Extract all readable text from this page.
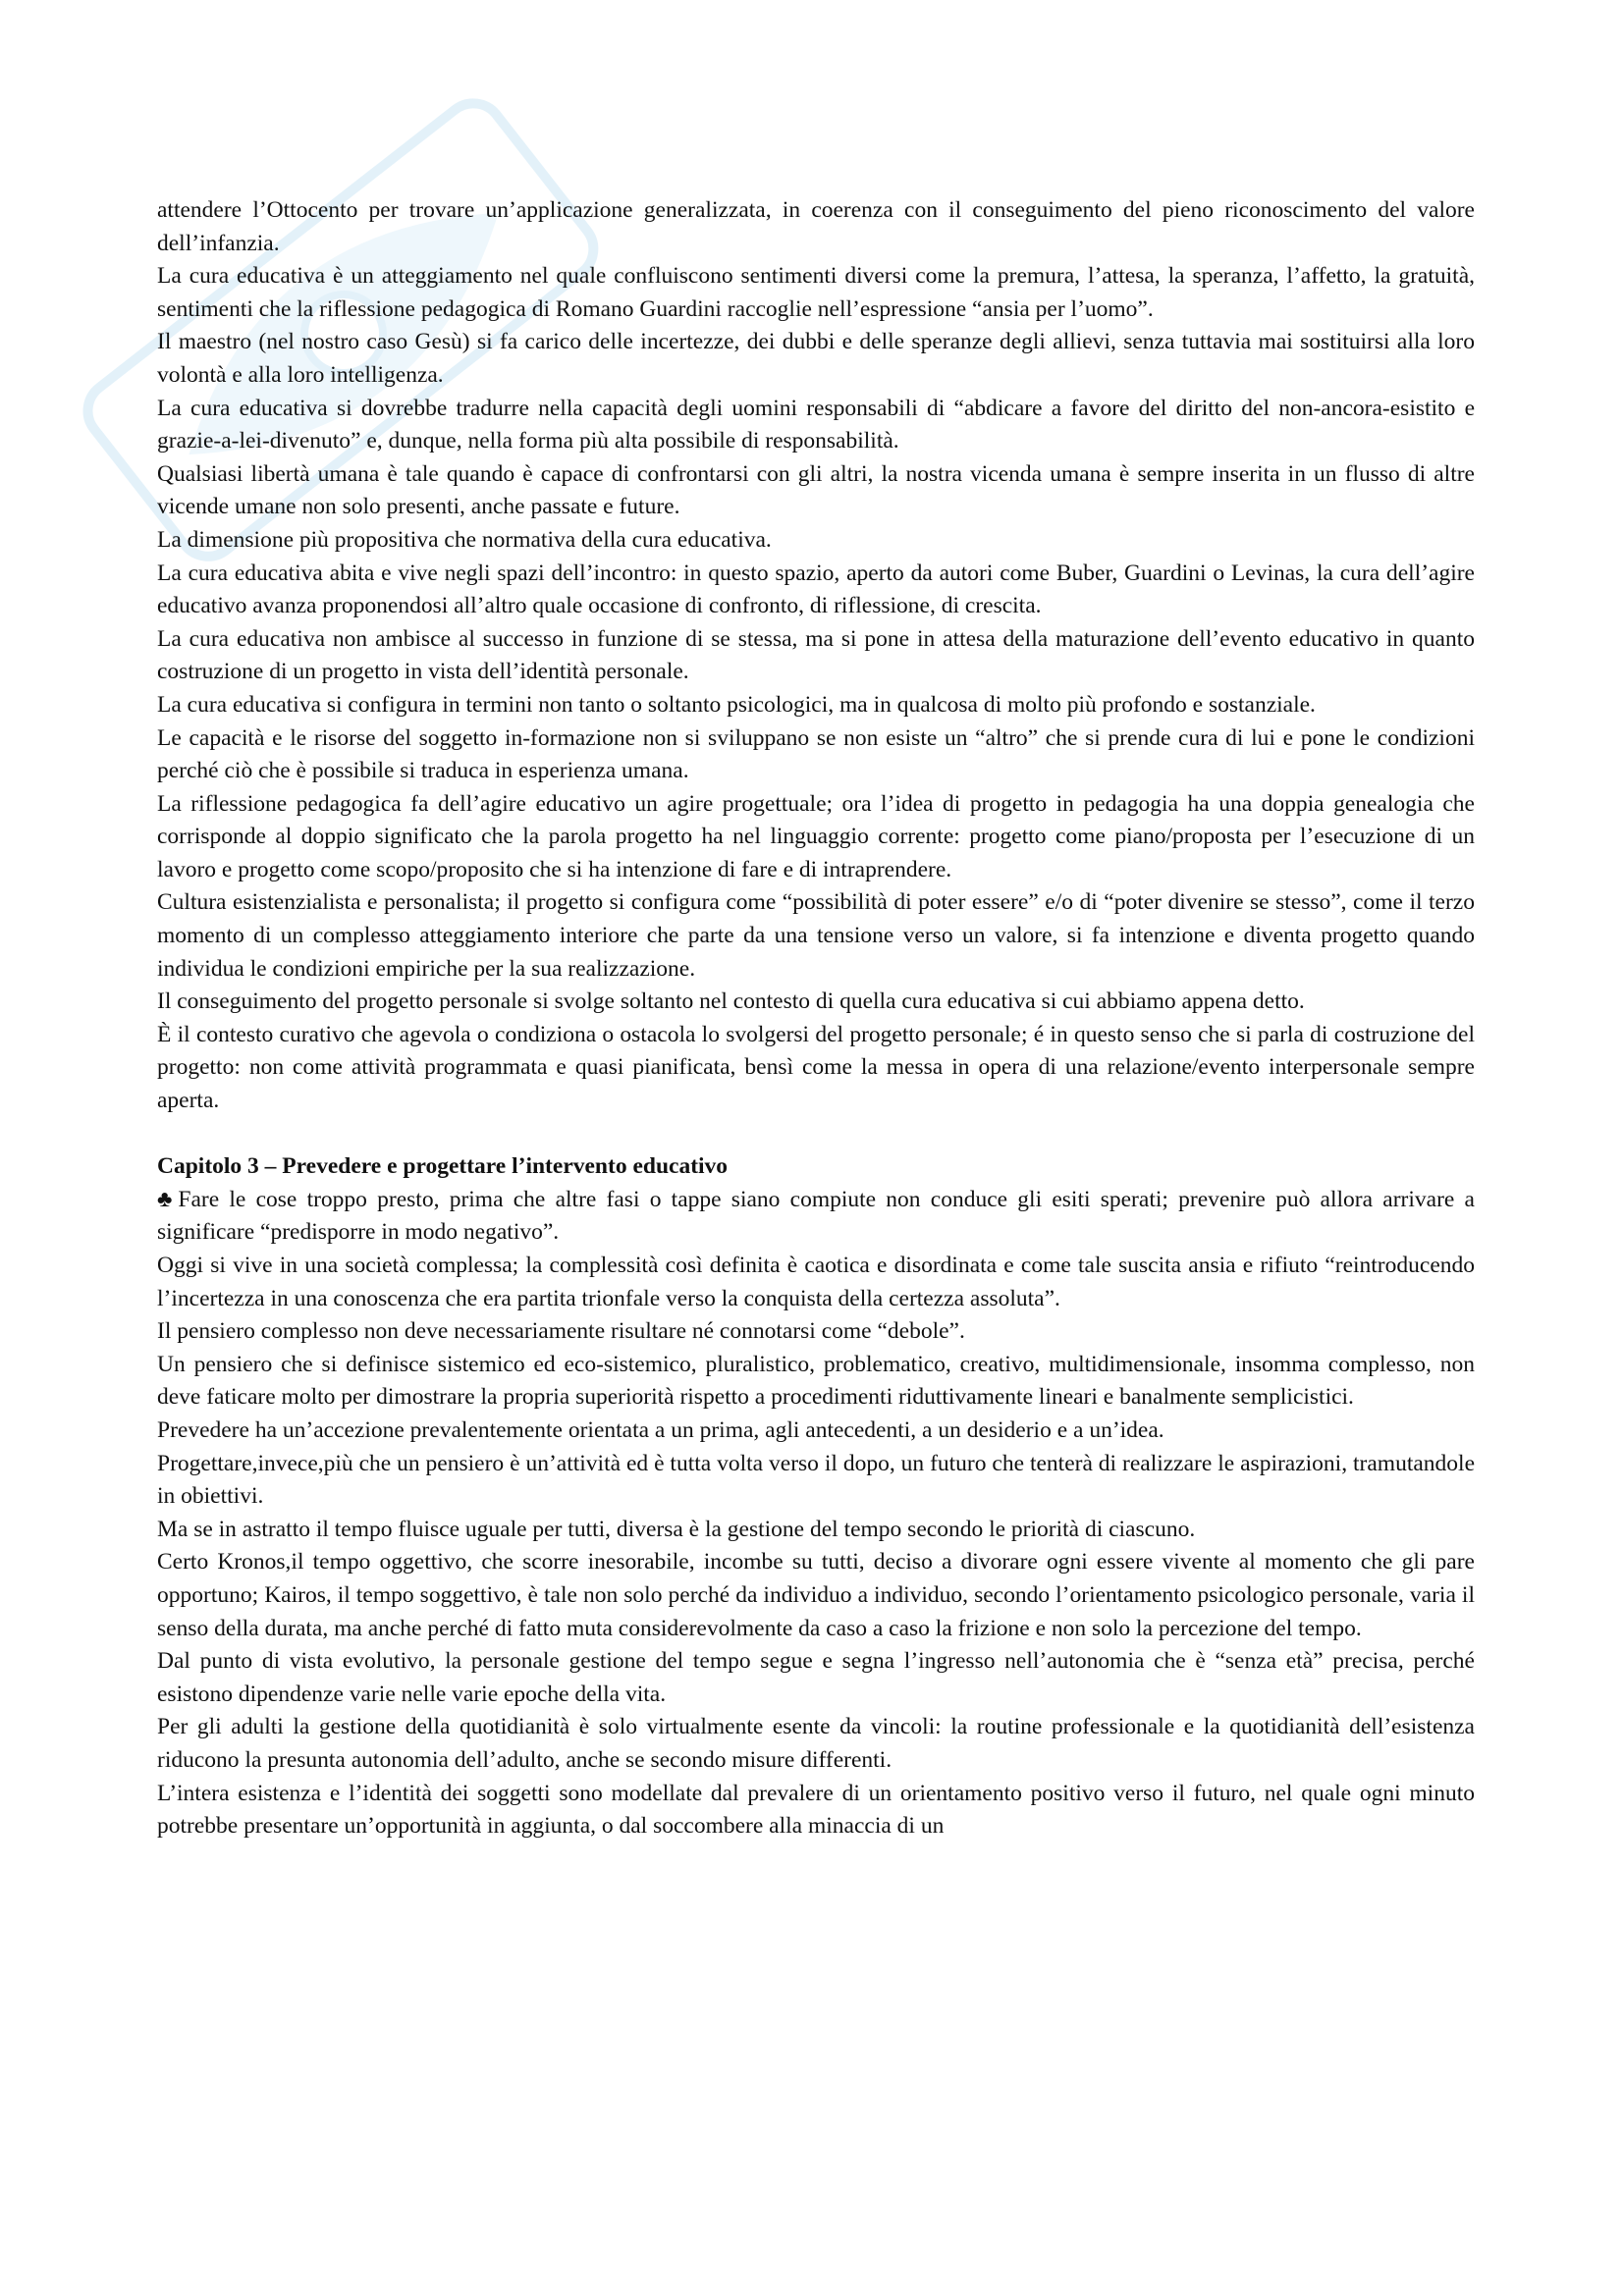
attendere l’Ottocento per trovare un’applicazione generalizzata, in coerenza con il conseguimento del pieno riconoscimento del valore dell’infanzia.

La cura educativa è un atteggiamento nel quale confluiscono sentimenti diversi come la premura, l’attesa, la speranza, l’affetto, la gratuità, sentimenti che la riflessione pedagogica di Romano Guardini raccoglie nell’espressione “ansia per l’uomo”.

Il maestro (nel nostro caso Gesù) si fa carico delle incertezze, dei dubbi e delle speranze degli allievi, senza tuttavia mai sostituirsi alla loro volontà e alla loro intelligenza.

La cura educativa si dovrebbe tradurre nella capacità degli uomini responsabili di “abdicare a favore del diritto del non-ancora-esistito e grazie-a-lei-divenuto” e, dunque, nella forma più alta possibile di responsabilità.

Qualsiasi libertà umana è tale quando è capace di confrontarsi con gli altri, la nostra vicenda umana è sempre inserita in un flusso di altre vicende umane non solo presenti, anche passate e future.

La dimensione più propositiva che normativa della cura educativa.

La cura educativa abita e vive negli spazi dell’incontro: in questo spazio, aperto da autori come Buber, Guardini o Levinas, la cura dell’agire educativo avanza proponendosi all’altro quale occasione di confronto, di riflessione, di crescita.

La cura educativa non ambisce al successo in funzione di se stessa, ma si pone in attesa della maturazione dell’evento educativo in quanto costruzione di un progetto in vista dell’identità personale.

La cura educativa si configura in termini non tanto o soltanto psicologici, ma in qualcosa di molto più profondo e sostanziale.

Le capacità e le risorse del soggetto in-formazione non si sviluppano se non esiste un “altro” che si prende cura di lui e pone le condizioni perché ciò che è possibile si traduca in esperienza umana.

La riflessione pedagogica fa dell’agire educativo un agire progettuale; ora l’idea di progetto in pedagogia ha una doppia genealogia che corrisponde al doppio significato che la parola progetto ha nel linguaggio corrente: progetto come piano/proposta per l’esecuzione di un lavoro e progetto come scopo/proposito che si ha intenzione di fare e di intraprendere.

Cultura esistenzialista e personalista; il progetto si configura come “possibilità di poter essere” e/o di “poter divenire se stesso”, come il terzo momento di un complesso atteggiamento interiore che parte da una tensione verso un valore, si fa intenzione e diventa progetto quando individua le condizioni empiriche per la sua realizzazione.

Il conseguimento del progetto personale si svolge soltanto nel contesto di quella cura educativa si cui abbiamo appena detto.

È il contesto curativo che agevola o condiziona o ostacola lo svolgersi del progetto personale; é in questo senso che si parla di costruzione del progetto: non come attività programmata e quasi pianificata, bensì come la messa in opera di una relazione/evento interpersonale sempre aperta.

Capitolo 3 – Prevedere e progettare l’intervento educativo

♣ Fare le cose troppo presto, prima che altre fasi o tappe siano compiute non conduce gli esiti sperati; prevenire può allora arrivare a significare “predisporre in modo negativo”.

Oggi si vive in una società complessa; la complessità così definita è caotica e disordinata e come tale suscita ansia e rifiuto “reintroducendo l’incertezza in una conoscenza che era partita trionfale verso la conquista della certezza assoluta”.

Il pensiero complesso non deve necessariamente risultare né connotarsi come “debole”.

Un pensiero che si definisce sistemico ed eco-sistemico, pluralistico, problematico, creativo, multidimensionale, insomma complesso, non deve faticare molto per dimostrare la propria superiorità rispetto a procedimenti riduttivamente lineari e banalmente semplicistici.

Prevedere ha un’accezione prevalentemente orientata a un prima, agli antecedenti, a un desiderio e a un’idea.

Progettare,invece,più che un pensiero è un’attività ed è tutta volta verso il dopo, un futuro che tenterà di realizzare le aspirazioni, tramutandole in obiettivi.

Ma se in astratto il tempo fluisce uguale per tutti, diversa è la gestione del tempo secondo le priorità di ciascuno.

Certo Kronos,il tempo oggettivo, che scorre inesorabile, incombe su tutti, deciso a divorare ogni essere vivente al momento che gli pare opportuno; Kairos, il tempo soggettivo, è tale non solo perché da individuo a individuo, secondo l’orientamento psicologico personale, varia il senso della durata, ma anche perché di fatto muta considerevolmente da caso a caso la frizione e non solo la percezione del tempo.

Dal punto di vista evolutivo, la personale gestione del tempo segue e segna l’ingresso nell’autonomia che è “senza età” precisa, perché esistono dipendenze varie nelle varie epoche della vita.

Per gli adulti la gestione della quotidianità è solo virtualmente esente da vincoli: la routine professionale e la quotidianità dell’esistenza riducono la presunta autonomia dell’adulto, anche se secondo misure differenti.

L’intera esistenza e l’identità dei soggetti sono modellate dal prevalere di un orientamento positivo verso il futuro, nel quale ogni minuto potrebbe presentare un’opportunità in aggiunta, o dal soccombere alla minaccia di un
